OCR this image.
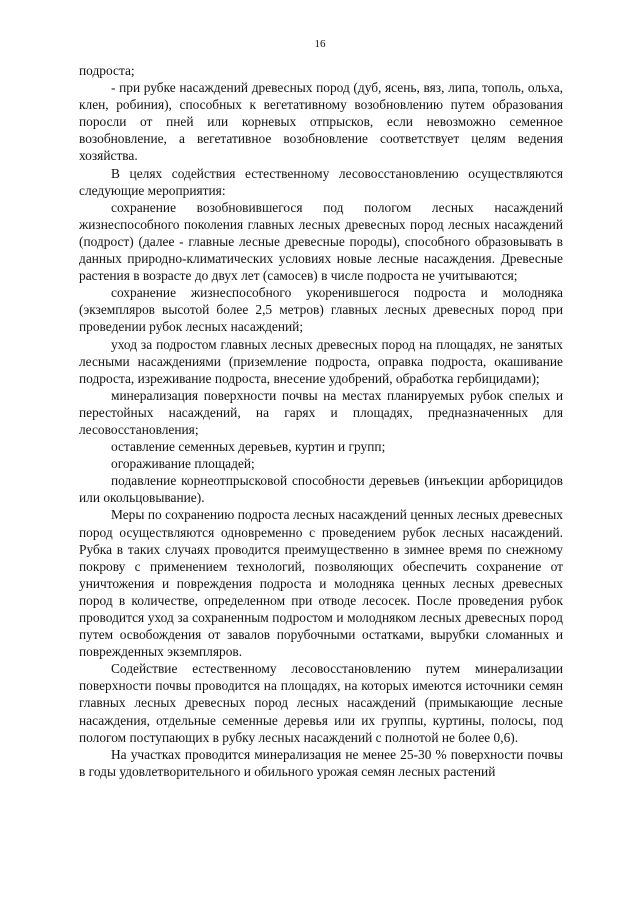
16

подроста;

- при рубке насаждений древесных пород (дуб, ясень, вяз, липа, тополь, ольха, клен, робиния), способных к вегетативному возобновлению путем образования поросли от пней или корневых отпрысков, если невозможно семенное возобновление, а вегетативное возобновление соответствует целям ведения хозяйства.

В целях содействия естественному лесовосстановлению осуществляются следующие мероприятия:

сохранение возобновившегося под пологом лесных насаждений жизнеспособного поколения главных лесных древесных пород лесных насаждений (подрост) (далее - главные лесные древесные породы), способного образовывать в данных природно-климатических условиях новые лесные насаждения. Древесные растения в возрасте до двух лет (самосев) в числе подроста не учитываются;

сохранение жизнеспособного укоренившегося подроста и молодняка (экземпляров высотой более 2,5 метров) главных лесных древесных пород при проведении рубок лесных насаждений;

уход за подростом главных лесных древесных пород на площадях, не занятых лесными насаждениями (приземление подроста, оправка подроста, окашивание подроста, изреживание подроста, внесение удобрений, обработка гербицидами);

минерализация поверхности почвы на местах планируемых рубок спелых и перестойных насаждений, на гарях и площадях, предназначенных для лесовосстановления;

оставление семенных деревьев, куртин и групп;

огораживание площадей;

подавление корнеотпрысковой способности деревьев (инъекции арборицидов или окольцовывание).

Меры по сохранению подроста лесных насаждений ценных лесных древесных пород осуществляются одновременно с проведением рубок лесных насаждений. Рубка в таких случаях проводится преимущественно в зимнее время по снежному покрову с применением технологий, позволяющих обеспечить сохранение от уничтожения и повреждения подроста и молодняка ценных лесных древесных пород в количестве, определенном при отводе лесосек. После проведения рубок проводится уход за сохраненным подростом и молодняком лесных древесных пород путем освобождения от завалов порубочными остатками, вырубки сломанных и поврежденных экземпляров.

Содействие естественному лесовосстановлению путем минерализации поверхности почвы проводится на площадях, на которых имеются источники семян главных лесных древесных пород лесных насаждений (примыкающие лесные насаждения, отдельные семенные деревья или их группы, куртины, полосы, под пологом поступающих в рубку лесных насаждений с полнотой не более 0,6).

На участках проводится минерализация не менее 25-30 % поверхности почвы в годы удовлетворительного и обильного урожая семян лесных растений
